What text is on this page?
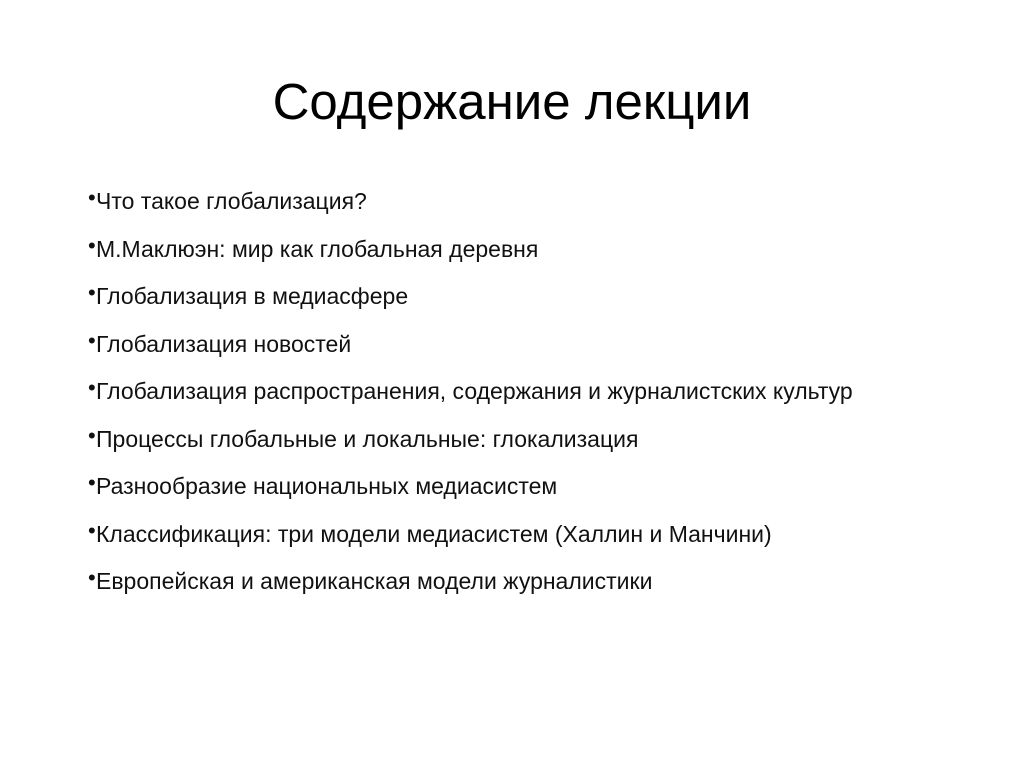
Содержание лекции
• Что такое глобализация?
• М.Маклюэн: мир как глобальная деревня
• Глобализация в медиасфере
• Глобализация новостей
• Глобализация распространения, содержания и журналистских культур
• Процессы глобальные и локальные: глокализация
• Разнообразие национальных медиасистем
• Классификация: три модели медиасистем (Халлин и Манчини)
• Европейская и американская модели журналистики
